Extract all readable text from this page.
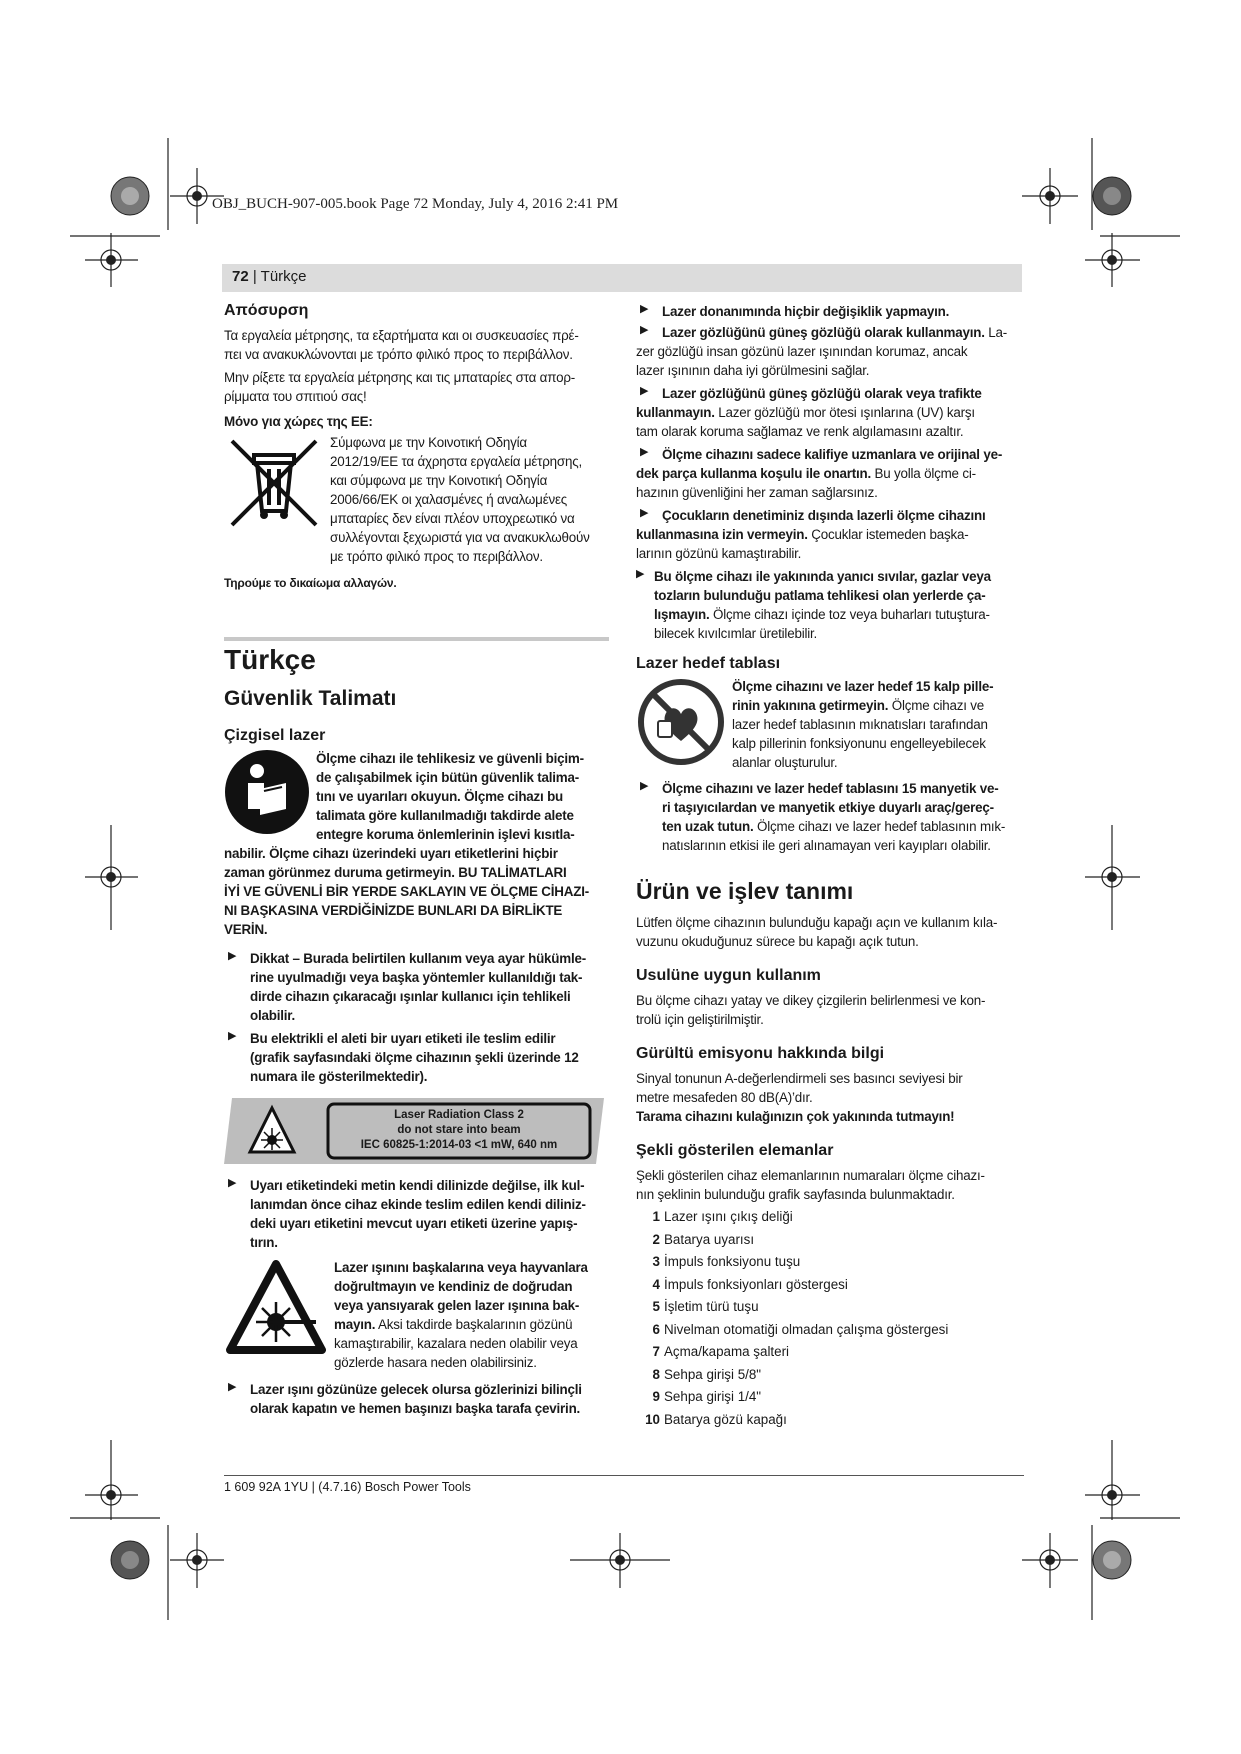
OBJ_BUCH-907-005.book Page 72 Monday, July 4, 2016 2:41 PM
72 | Türkçe
Απόσυρση

Τα εργαλεία μέτρησης, τα εξαρτήματα και οι συσκευασίες πρέ-

πει να ανακυκλώνονται με τρόπο φιλικό προς το περιβάλλον.

Μην ρίξετε τα εργαλεία μέτρησης και τις μπαταρίες στα απορ-

ρίμματα του σπιτιού σας!

Μόνο για χώρες της ΕΕ:

Σύμφωνα με την Κοινοτική Οδηγία

2012/19/ΕΕ τα άχρηστα εργαλεία μέτρησης,

και σύμφωνα με την Κοινοτική Οδηγία

2006/66/ΕΚ οι χαλασμένες ή αναλωμένες

μπαταρίες δεν είναι πλέον υποχρεωτικό να

συλλέγονται ξεχωριστά για να ανακυκλωθούν

με τρόπο φιλικό προς το περιβάλλον.

Τηρούμε το δικαίωμα αλλαγών.

Türkçe
Güvenlik Talimatı
Çizgisel lazer

Ölçme cihazı ile tehlikesiz ve güvenli biçim-

de çalışabilmek için bütün güvenlik talima-

tını ve uyarıları okuyun. Ölçme cihazı bu

talimata göre kullanılmadığı takdirde alete

entegre koruma önlemlerinin işlevi kısıtla-

nabilir. Ölçme cihazı üzerindeki uyarı etiketlerini hiçbir

zaman görünmez duruma getirmeyin. BU TALİMATLARI

İYİ VE GÜVENLİ BİR YERDE SAKLAYIN VE ÖLÇME CİHAZI-

NI BAŞKASINA VERDİĞİNİZDE BUNLARI DA BİRLİKTE

VERİN.

▶ Dikkat – Burada belirtilen kullanım veya ayar hükümle-

rine uyulmadığı veya başka yöntemler kullanıldığı tak-

dirde cihazın çıkaracağı ışınlar kullanıcı için tehlikeli

olabilir.

▶ Bu elektrikli el aleti bir uyarı etiketi ile teslim edilir

(grafik sayfasındaki ölçme cihazının şekli üzerinde 12

numara ile gösterilmektedir).

Laser Radiation Class 2
do not stare into beam
IEC 60825-1:2014-03 <1 mW, 640 nm

▶ Uyarı etiketindeki metin kendi dilinizde değilse, ilk kul-

lanımdan önce cihaz ekinde teslim edilen kendi diliniz-

deki uyarı etiketini mevcut uyarı etiketi üzerine yapış-

tırın.

Lazer ışınını başkalarına veya hayvanlara

doğrultmayın ve kendiniz de doğrudan

veya yansıyarak gelen lazer ışınına bak-

mayın. Aksi takdirde başkalarının gözünü

kamaştırabilir, kazalara neden olabilir veya

gözlerde hasara neden olabilirsiniz.

▶ Lazer ışını gözünüze gelecek olursa gözlerinizi bilinçli

olarak kapatın ve hemen başınızı başka tarafa çevirin.

▶ Lazer donanımında hiçbir değişiklik yapmayın.

▶ Lazer gözlüğünü güneş gözlüğü olarak kullanmayın. La-

zer gözlüğü insan gözünü lazer ışınından korumaz, ancak

lazer ışınının daha iyi görülmesini sağlar.

▶ Lazer gözlüğünü güneş gözlüğü olarak veya trafikte

kullanmayın. Lazer gözlüğü mor ötesi ışınlarına (UV) karşı

tam olarak koruma sağlamaz ve renk algılamasını azaltır.

▶ Ölçme cihazını sadece kalifiye uzmanlara ve orijinal ye-

dek parça kullanma koşulu ile onartın. Bu yolla ölçme ci-

hazının güvenliğini her zaman sağlarsınız.

▶ Çocukların denetiminiz dışında lazerli ölçme cihazını

kullanmasına izin vermeyin. Çocuklar istemeden başka-

larının gözünü kamaştırabilir.

▶ Bu ölçme cihazı ile yakınında yanıcı sıvılar, gazlar veya

tozların bulunduğu patlama tehlikesi olan yerlerde ça-

lışmayın. Ölçme cihazı içinde toz veya buharları tutuştura-

bilecek kıvılcımlar üretilebilir.

Lazer hedef tablası

Ölçme cihazını ve lazer hedef 15 kalp pille-

rinin yakınına getirmeyin. Ölçme cihazı ve

lazer hedef tablasının mıknatısları tarafından

kalp pillerinin fonksiyonunu engelleyebilecek

alanlar oluşturulur.

▶ Ölçme cihazını ve lazer hedef tablasını 15 manyetik ve-

ri taşıyıcılardan ve manyetik etkiye duyarlı araç/gereç-

ten uzak tutun. Ölçme cihazı ve lazer hedef tablasının mık-

natıslarının etkisi ile geri alınamayan veri kayıpları olabilir.

Ürün ve işlev tanımı

Lütfen ölçme cihazının bulunduğu kapağı açın ve kullanım kıla-

vuzunu okuduğunuz sürece bu kapağı açık tutun.

Usulüne uygun kullanım

Bu ölçme cihazı yatay ve dikey çizgilerin belirlenmesi ve kon-

trolü için geliştirilmiştir.

Gürültü emisyonu hakkında bilgi

Sinyal tonunun A-değerlendirmeli ses basıncı seviyesi bir

metre mesafeden 80 dB(A)’dır.

Tarama cihazını kulağınızın çok yakınında tutmayın!

Şekli gösterilen elemanlar

Şekli gösterilen cihaz elemanlarının numaraları ölçme cihazı-

nın şeklinin bulunduğu grafik sayfasında bulunmaktadır.

1 Lazer ışını çıkış deliği
2 Batarya uyarısı
3 İmpuls fonksiyonu tuşu
4 İmpuls fonksiyonları göstergesi
5 İşletim türü tuşu
6 Nivelman otomatiği olmadan çalışma göstergesi
7 Açma/kapama şalteri
8 Sehpa girişi 5/8"
9 Sehpa girişi 1/4"
10 Batarya gözü kapağı
1 609 92A 1YU | (4.7.16) Bosch Power Tools
